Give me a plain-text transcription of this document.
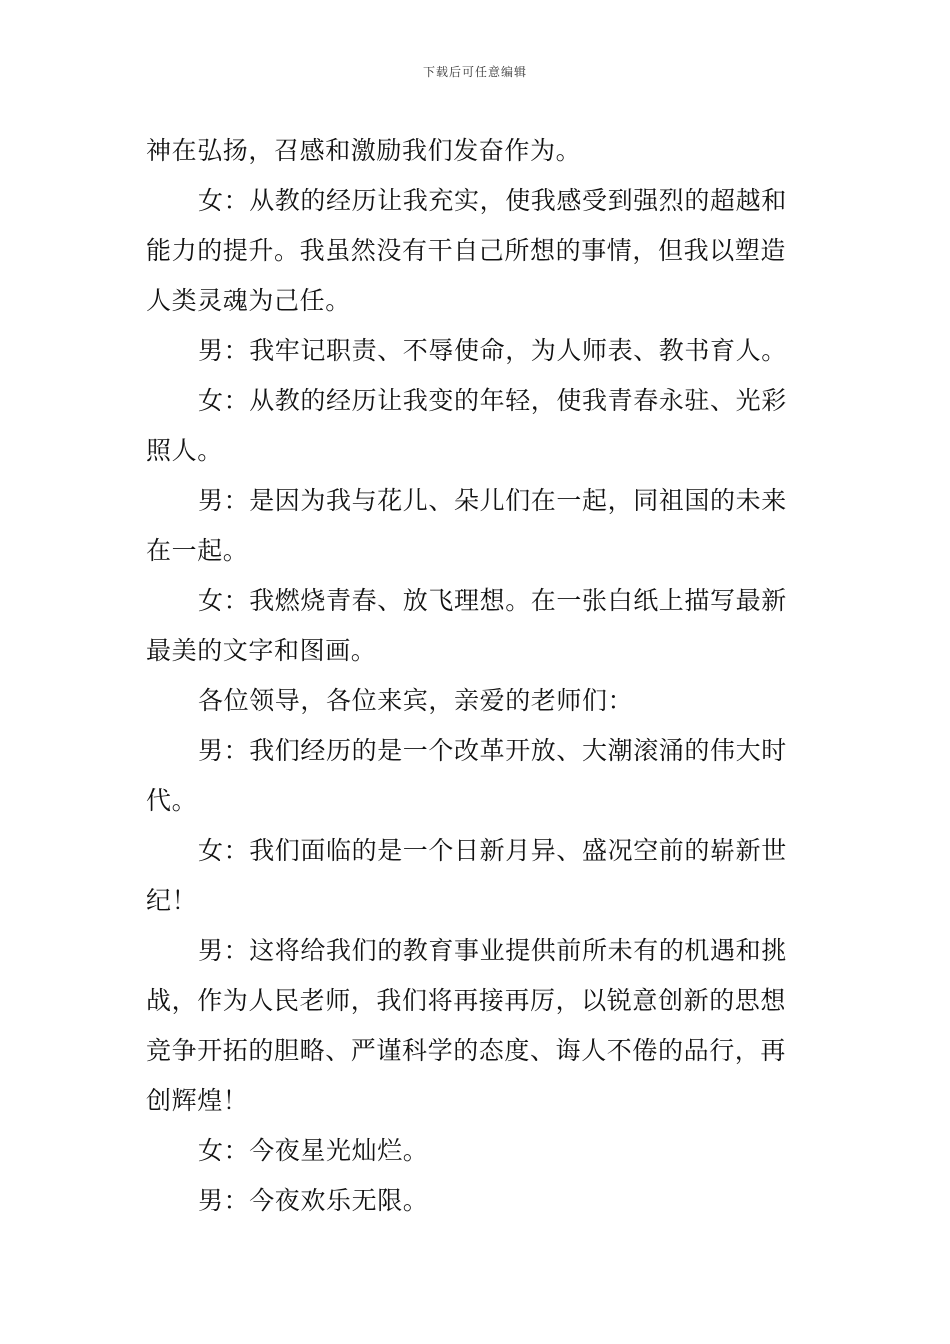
下载后可任意编辑
神在弘扬，召感和激励我们发奋作为。
女：从教的经历让我充实，使我感受到强烈的超越和
能力的提升。我虽然没有干自己所想的事情，但我以塑造
人类灵魂为己任。
男：我牢记职责、不辱使命，为人师表、教书育人。
女：从教的经历让我变的年轻，使我青春永驻、光彩
照人。
男：是因为我与花儿、朵儿们在一起，同祖国的未来
在一起。
女：我燃烧青春、放飞理想。在一张白纸上描写最新
最美的文字和图画。
各位领导，各位来宾，亲爱的老师们：
男：我们经历的是一个改革开放、大潮滚涌的伟大时
代。
女：我们面临的是一个日新月异、盛况空前的崭新世
纪！
男：这将给我们的教育事业提供前所未有的机遇和挑
战，作为人民老师，我们将再接再厉，以锐意创新的思想
竞争开拓的胆略、严谨科学的态度、诲人不倦的品行，再
创辉煌！
女：今夜星光灿烂。
男：今夜欢乐无限。
